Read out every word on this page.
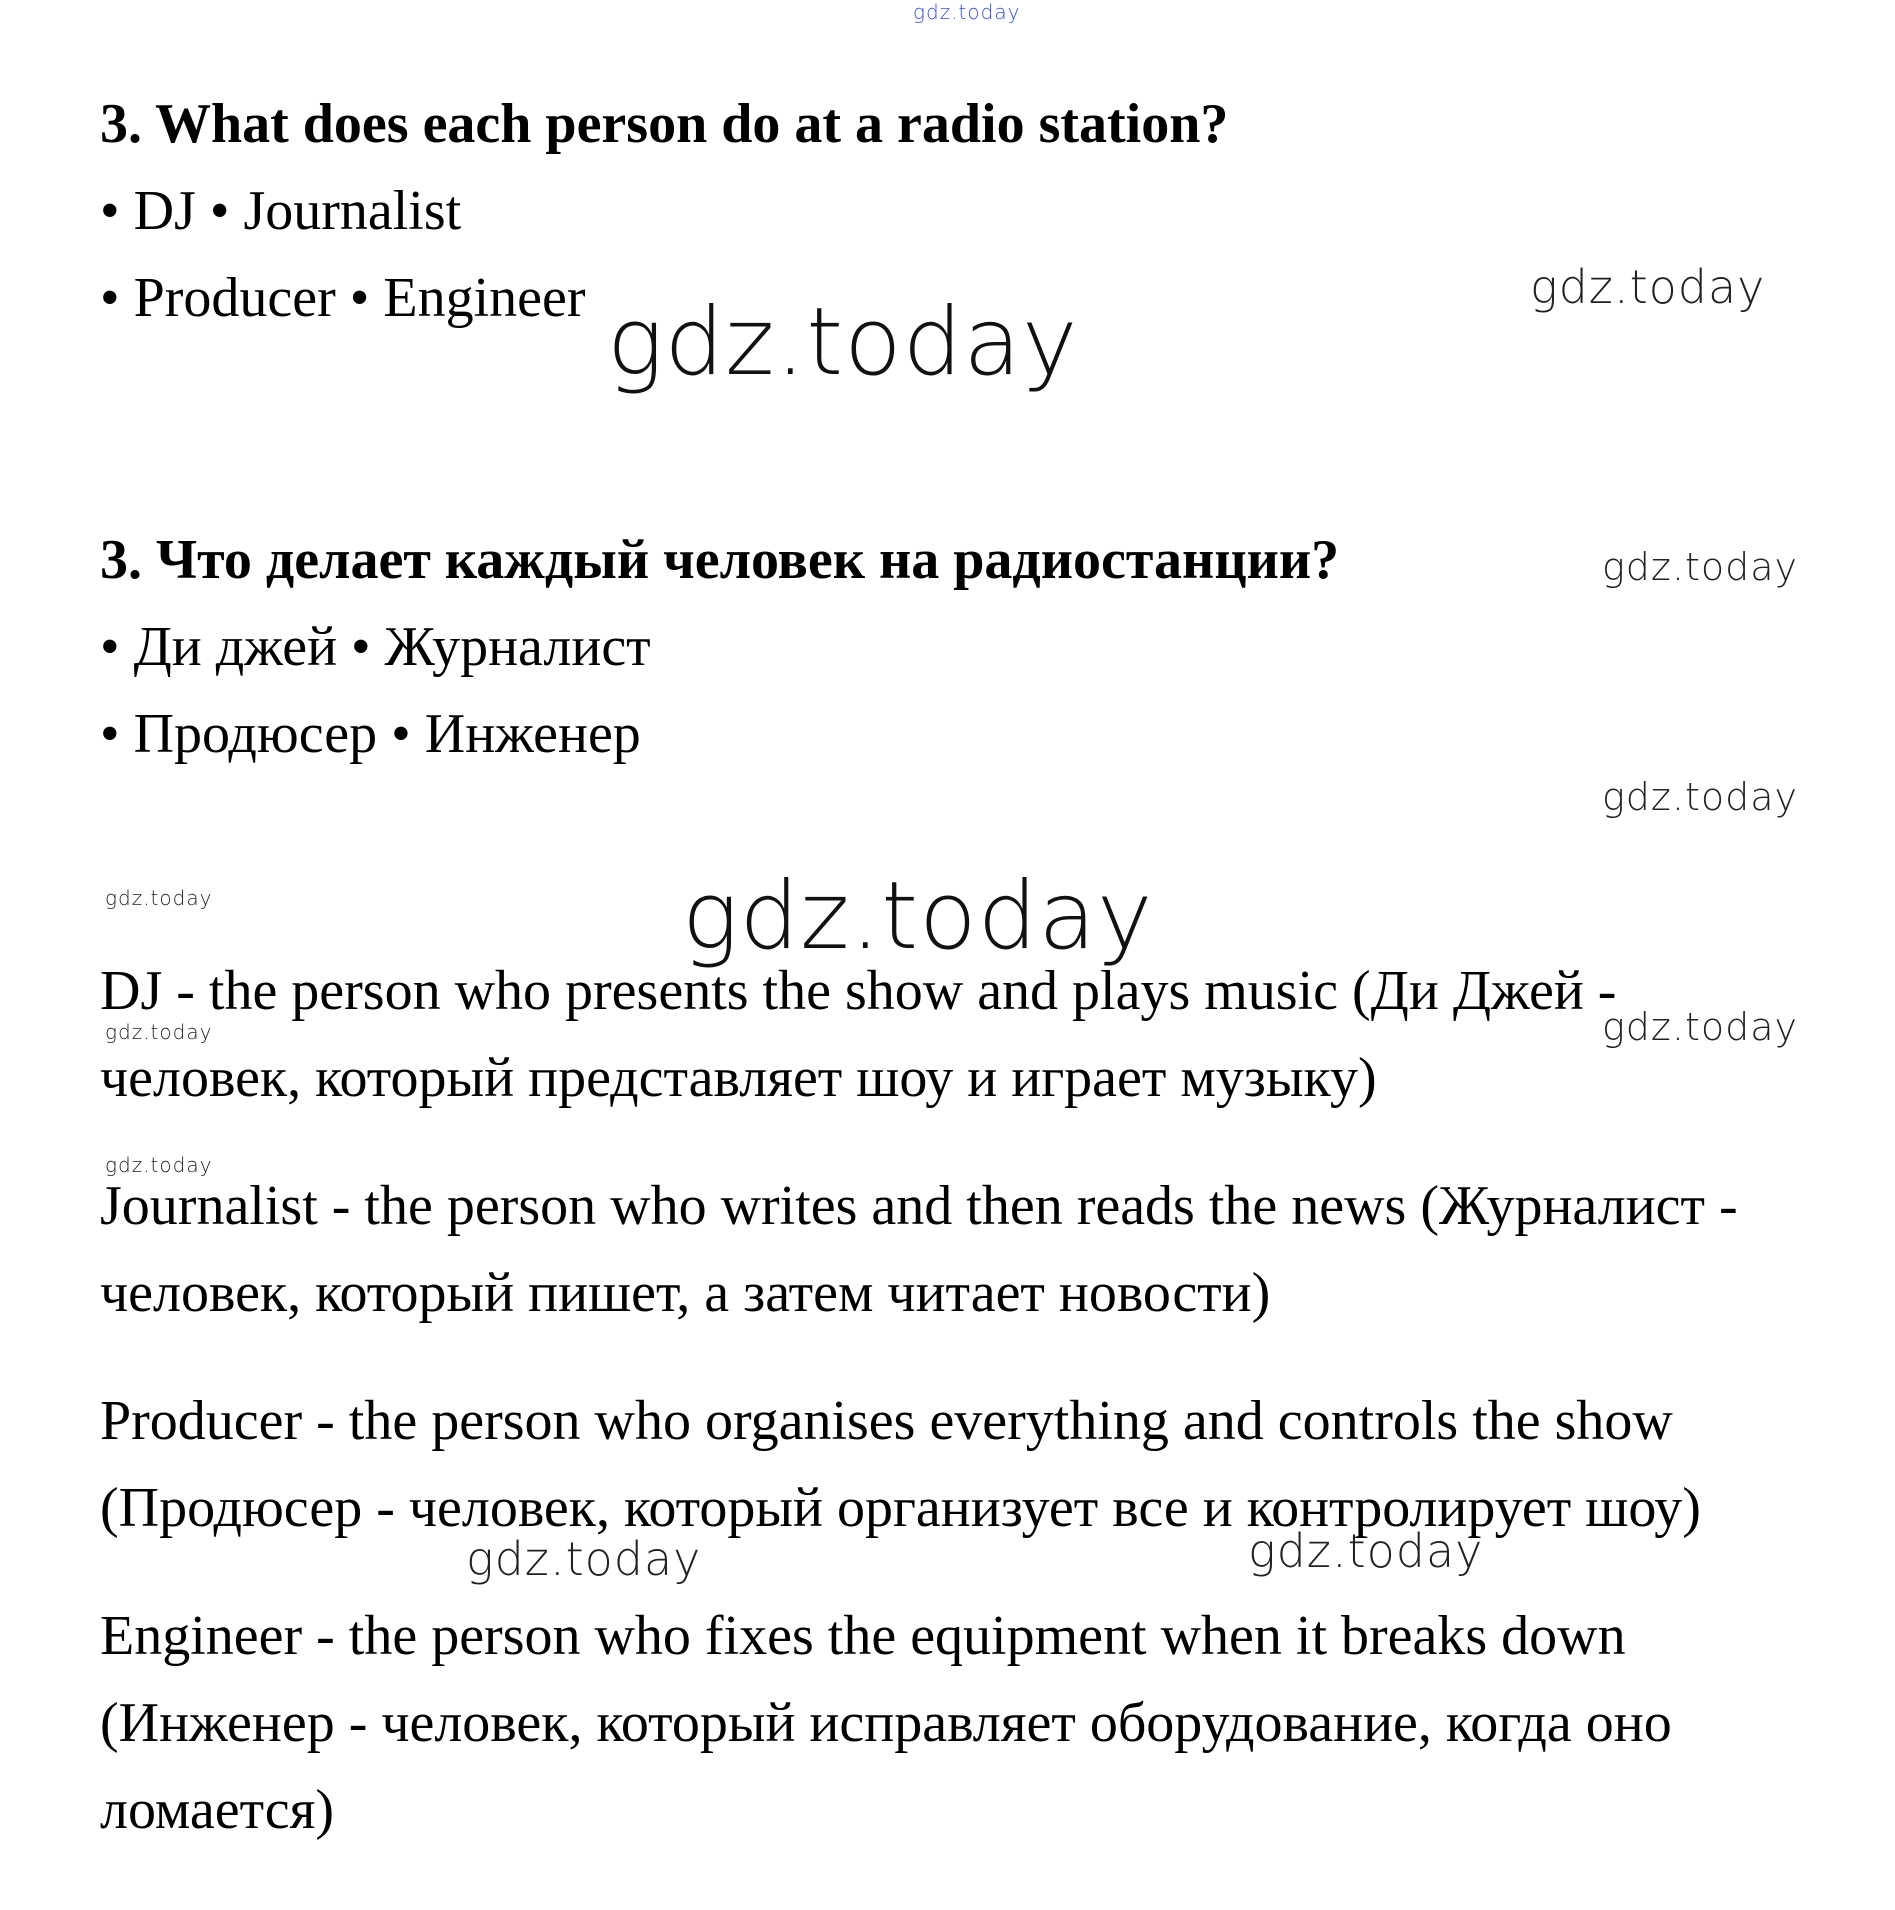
gdz.today
gdz.today
gdz.today
gdz.today
gdz.today
gdz.today	gdz.today
gdz.today	gdz.today
gdz.today
gdz.today	gdz.today
3. What does each person do at a radio station?
• DJ • Journalist
• Producer • Engineer
3. Что делает каждый человек на радиостанции?
• Ди джей • Журналист
• Продюсер • Инженер
DJ - the person who presents the show and plays music (Ди Джей -
человек, который представляет шоу и играет музыку)
Journalist - the person who writes and then reads the news (Журналист -
человек, который пишет, а затем читает новости)
Producer - the person who organises everything and controls the show
(Продюсер - человек, который организует все и контролирует шоу)
Engineer - the person who fixes the equipment when it breaks down
(Инженер - человек, который исправляет оборудование, когда оно
ломается)
